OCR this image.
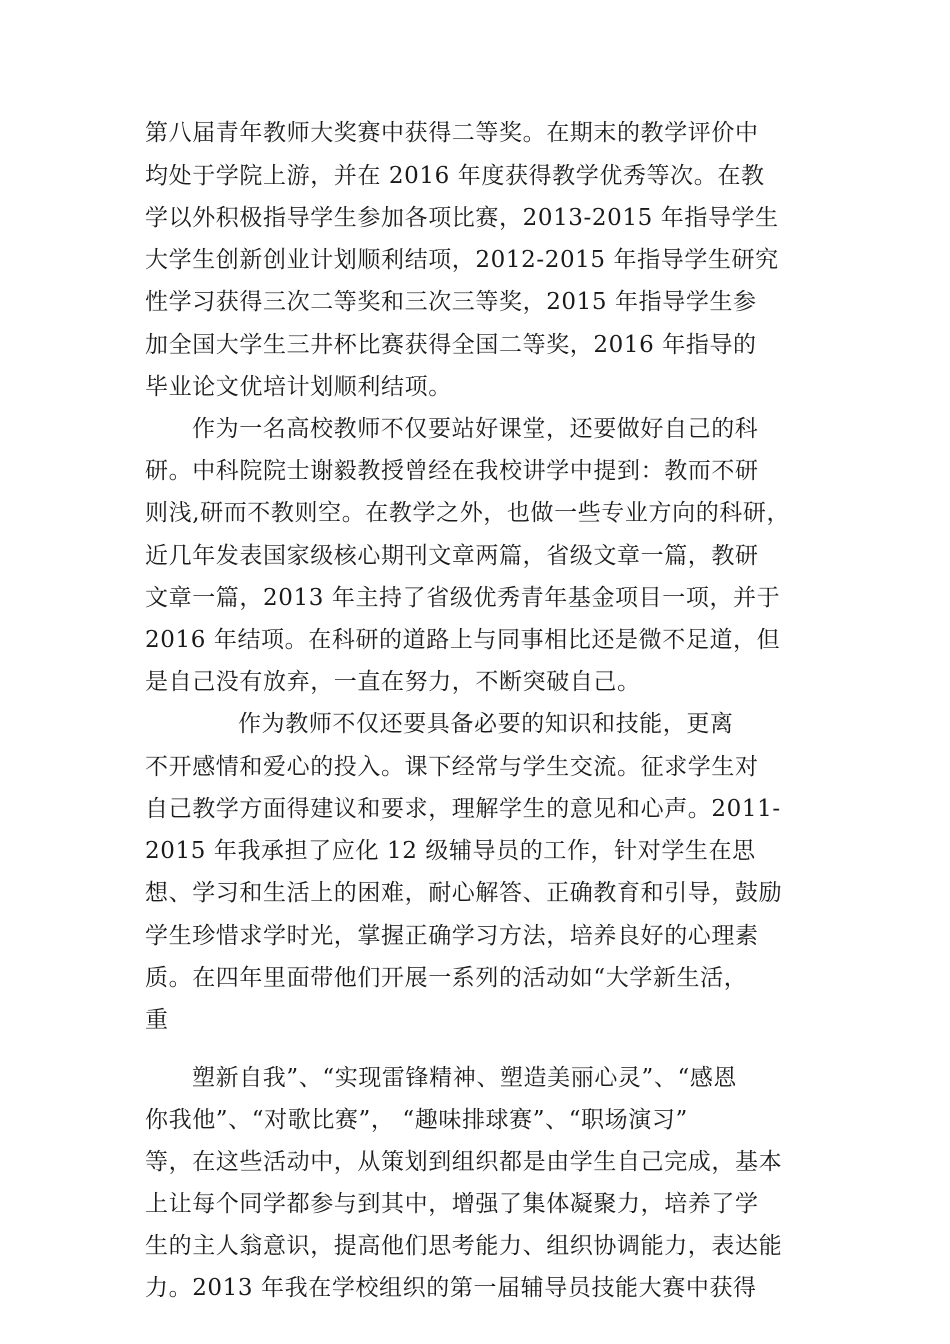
第八届青年教师大奖赛中获得二等奖。在期末的教学评价中
均处于学院上游，并在 2016 年度获得教学优秀等次。在教
学以外积极指导学生参加各项比赛，2013-2015 年指导学生
大学生创新创业计划顺利结项，2012-2015 年指导学生研究
性学习获得三次二等奖和三次三等奖，2015 年指导学生参
加全国大学生三井杯比赛获得全国二等奖，2016 年指导的
毕业论文优培计划顺利结项。
作为一名高校教师不仅要站好课堂，还要做好自己的科
研。中科院院士谢毅教授曾经在我校讲学中提到：教而不研
则浅,研而不教则空。在教学之外，也做一些专业方向的科研，
近几年发表国家级核心期刊文章两篇，省级文章一篇，教研
文章一篇，2013 年主持了省级优秀青年基金项目一项，并于
2016 年结项。在科研的道路上与同事相比还是微不足道，但
是自己没有放弃，一直在努力，不断突破自己。
作为教师不仅还要具备必要的知识和技能，更离
不开感情和爱心的投入。课下经常与学生交流。征求学生对
自己教学方面得建议和要求，理解学生的意见和心声。2011-
2015 年我承担了应化 12 级辅导员的工作，针对学生在思
想、学习和生活上的困难，耐心解答、正确教育和引导，鼓励
学生珍惜求学时光，掌握正确学习方法，培养良好的心理素
质。在四年里面带他们开展一系列的活动如“大学新生活，
重
塑新自我”、“实现雷锋精神、塑造美丽心灵”、“感恩
你我他”、“对歌比赛”， “趣味排球赛”、“职场演习”
等，在这些活动中，从策划到组织都是由学生自己完成，基本
上让每个同学都参与到其中，增强了集体凝聚力，培养了学
生的主人翁意识，提高他们思考能力、组织协调能力，表达能
力。2013 年我在学校组织的第一届辅导员技能大赛中获得
